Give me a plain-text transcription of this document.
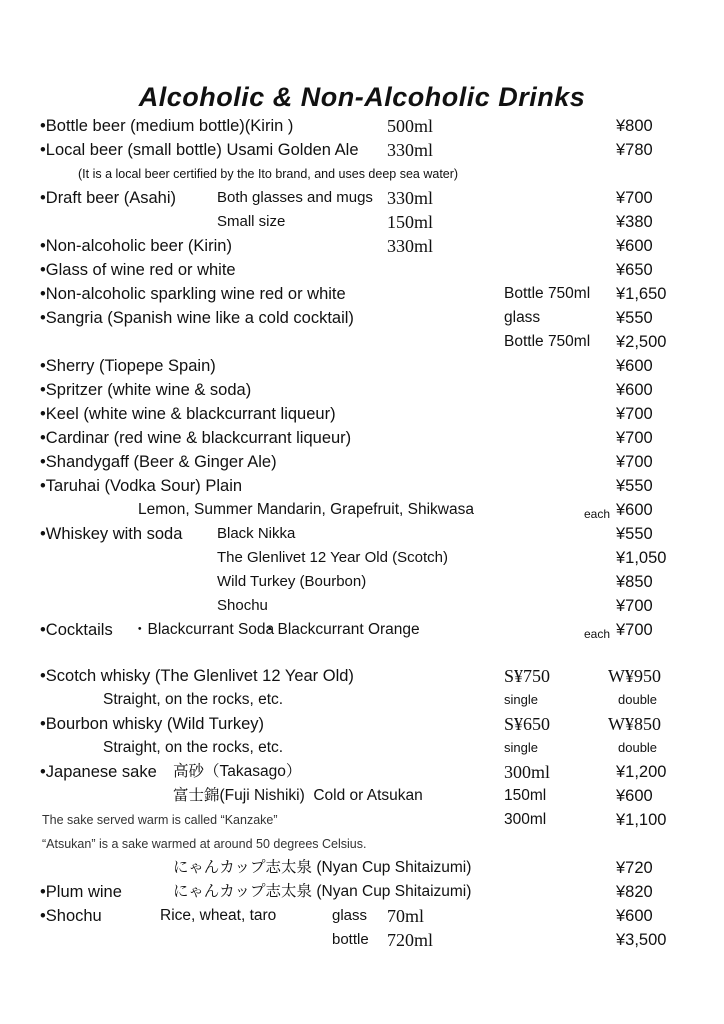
Alcoholic & Non-Alcoholic Drinks
•Bottle beer (medium bottle)(Kirin )	500ml	¥800
•Local beer (small bottle) Usami Golden Ale 330ml	¥780
(It is a local beer certified by the Ito brand, and uses deep sea water)
•Draft beer (Asahi)	Both glasses and mugs 330ml	¥700
Small size	150ml	¥380
•Non-alcoholic beer (Kirin)	330ml	¥600
•Glass of wine red or white	¥650
•Non-alcoholic sparkling wine red or white	Bottle 750ml ¥1,650
•Sangria (Spanish wine like a cold cocktail)	glass	¥550
Bottle 750ml ¥2,500
•Sherry (Tiopepe Spain)	¥600
•Spritzer (white wine & soda)	¥600
•Keel (white wine & blackcurrant liqueur)	¥700
•Cardinar (red wine & blackcurrant liqueur)	¥700
•Shandygaff (Beer & Ginger Ale)	¥700
•Taruhai (Vodka Sour) Plain	¥550
Lemon, Summer Mandarin, Grapefruit, Shikwasa	each ¥600
•Whiskey with soda Black Nikka	¥550
The Glenlivet 12 Year Old (Scotch)	¥1,050
Wild Turkey (Bourbon)	¥850
Shochu	¥700
•Cocktails ・Blackcurrant Soda
・Blackcurrant Orange	each ¥700
•Scotch whisky (The Glenlivet 12 Year Old)	S¥750	W¥950
Straight, on the rocks, etc.	single	double
•Bourbon whisky (Wild Turkey)	S¥650	W¥850
Straight, on the rocks, etc.	single	double
•Japanese sake 高砂（Takasago）	300ml	¥1,200
富士錦(Fuji Nishiki)  Cold or Atsukan	150ml	¥600
The sake served warm is called “Kanzake”	300ml	¥1,100
“Atsukan” is a sake warmed at around 50 degrees Celsius.
にゃんカップ志太泉 (Nyan Cup Shitaizumi)	¥720
•Plum wine	にゃんカップ志太泉 (Nyan Cup Shitaizumi)	¥820
•Shochu	Rice, wheat, taro	glass 70ml	¥600
bottle 720ml	¥3,500
